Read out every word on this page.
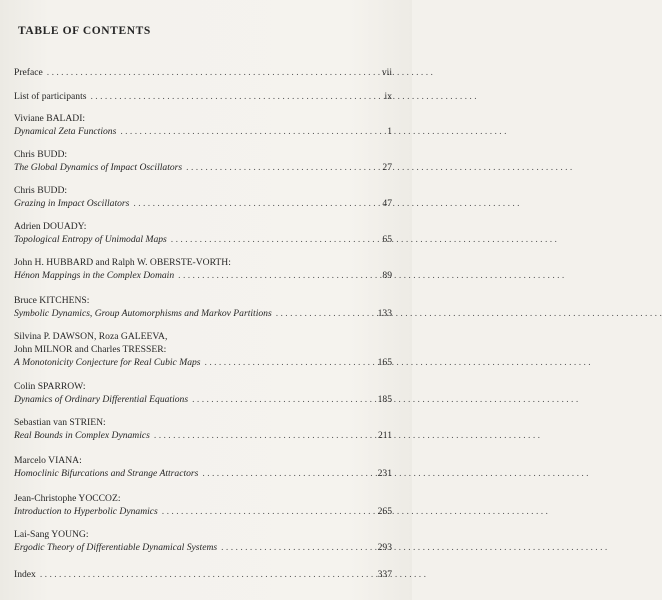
TABLE OF CONTENTS
Preface . . .	vii
List of participants . . .	ix
Viviane BALADI:
Dynamical Zeta Functions . . .	1
Chris BUDD:
The Global Dynamics of Impact Oscillators . . .	27
Chris BUDD:
Grazing in Impact Oscillators . . .	47
Adrien DOUADY:
Topological Entropy of Unimodal Maps . . .	65
John H. HUBBARD and Ralph W. OBERSTE-VORTH:
Hénon Mappings in the Complex Domain . . .	89
Bruce KITCHENS:
Symbolic Dynamics, Group Automorphisms and Markov Partitions . . .	133
Silvina P. DAWSON, Roza GALEEVA,
John MILNOR and Charles TRESSER:
A Monotonicity Conjecture for Real Cubic Maps . . .	165
Colin SPARROW:
Dynamics of Ordinary Differential Equations . . .	185
Sebastian van STRIEN:
Real Bounds in Complex Dynamics . . .	211
Marcelo VIANA:
Homoclinic Bifurcations and Strange Attractors . . .	231
Jean-Christophe YOCCOZ:
Introduction to Hyperbolic Dynamics . . .	265
Lai-Sang YOUNG:
Ergodic Theory of Differentiable Dynamical Systems . . .	293
Index . . .	337
